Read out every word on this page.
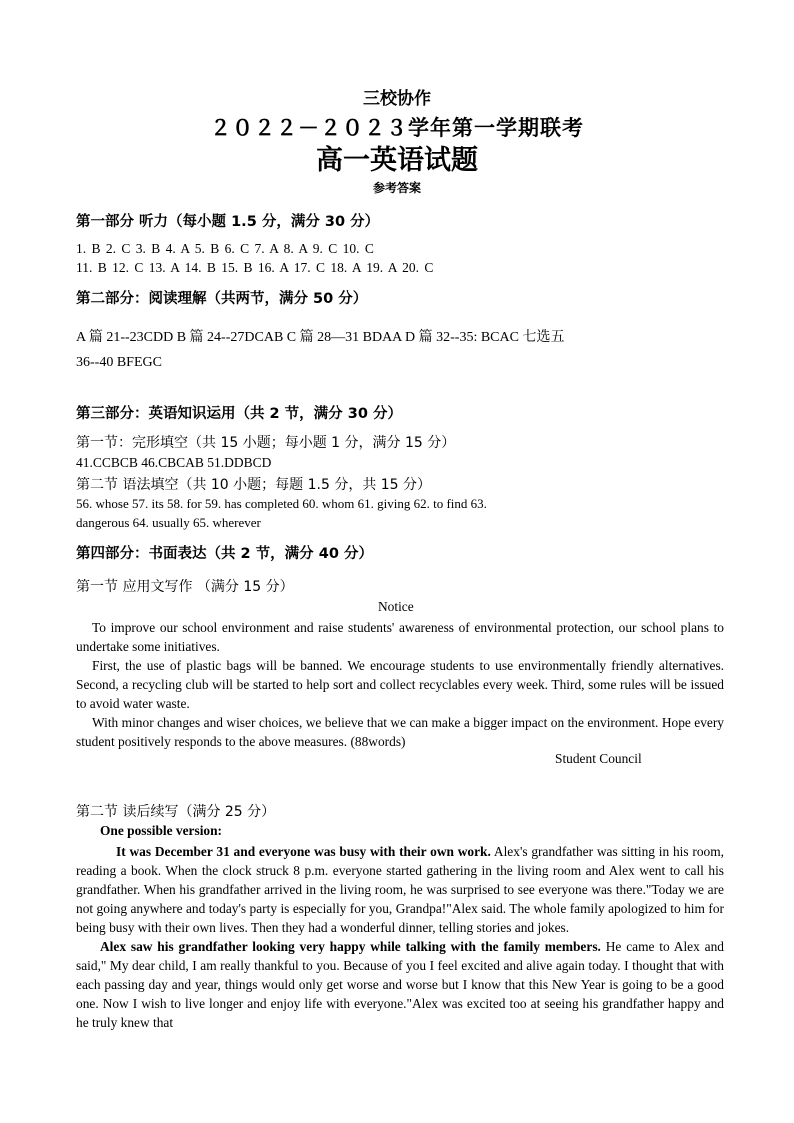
三校协作
２０２２－２０２３学年第一学期联考
高一英语试题
参考答案
第一部分 听力（每小题 1.5 分，满分 30 分）
1. B 2. C 3. B 4. A 5. B 6. C 7. A 8. A 9. C 10. C
11. B 12. C 13. A 14. B 15. B 16. A 17. C 18. A 19. A 20. C
第二部分：阅读理解（共两节，满分 50 分）
A 篇 21--23CDD B 篇 24--27DCAB C 篇 28—31 BDAA D 篇 32--35: BCAC 七选五
36--40 BFEGC
第三部分：英语知识运用（共 2 节，满分 30 分）
第一节：完形填空（共 15 小题；每小题 1 分，满分 15 分）
41.CCBCB 46.CBCAB 51.DDBCD
第二节 语法填空（共 10 小题；每题 1.5 分，共 15 分）
56. whose 57. its 58. for 59. has completed 60. whom 61. giving 62. to find 63.
dangerous 64. usually 65. wherever
第四部分：书面表达（共 2 节，满分 40 分）
第一节 应用文写作 （满分 15 分）
Notice

To improve our school environment and raise students' awareness of environmental protection, our school plans to undertake some initiatives.

First, the use of plastic bags will be banned. We encourage students to use environmentally friendly alternatives. Second, a recycling club will be started to help sort and collect recyclables every week. Third, some rules will be issued to avoid water waste.

With minor changes and wiser choices, we believe that we can make a bigger impact on the environment. Hope every student positively responds to the above measures. (88words)

Student Council
第二节 读后续写（满分 25 分）
One possible version:

It was December 31 and everyone was busy with their own work. Alex's grandfather was sitting in his room, reading a book. When the clock struck 8 p.m. everyone started gathering in the living room and Alex went to call his grandfather. When his grandfather arrived in the living room, he was surprised to see everyone was there."Today we are not going anywhere and today's party is especially for you, Grandpa!"Alex said. The whole family apologized to him for being busy with their own lives. Then they had a wonderful dinner, telling stories and jokes.

Alex saw his grandfather looking very happy while talking with the family members. He came to Alex and said," My dear child, I am really thankful to you. Because of you I feel excited and alive again today. I thought that with each passing day and year, things would only get worse and worse but I know that this New Year is going to be a good one. Now I wish to live longer and enjoy life with everyone."Alex was excited too at seeing his grandfather happy and he truly knew that
